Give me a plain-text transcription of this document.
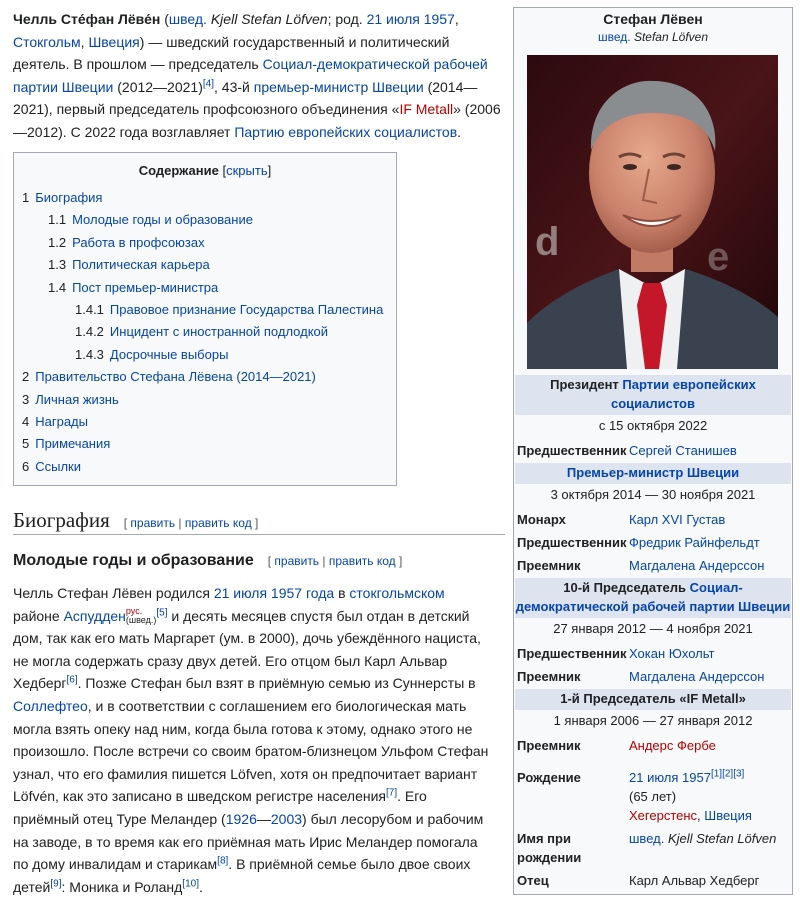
Челль Сте́фан Лёве́н (швед. Kjell Stefan Löfven; род. 21 июля 1957, Стокгольм, Швеция) — шведский государственный и политический деятель. В прошлом — председатель Социал-демократической рабочей партии Швеции (2012—2021)[4], 43-й премьер-министр Швеции (2014—2021), первый председатель профсоюзного объединения «IF Metall» (2006—2012). С 2022 года возглавляет Партию европейских социалистов.

Содержание [скрыть]
1 Биография
1.1 Молодые годы и образование
1.2 Работа в профсоюзах
1.3 Политическая карьера
1.4 Пост премьер-министра
1.4.1 Правовое признание Государства Палестина
1.4.2 Инцидент с иностранной подлодкой
1.4.3 Досрочные выборы
2 Правительство Стефана Лёвена (2014—2021)
3 Личная жизнь
4 Награды
5 Примечания
6 Ссылки
Биография [ править | править код ]
Молодые годы и образование [ править | править код ]

Челль Стефан Лёвен родился 21 июля 1957 года в стокгольмском районе Аспудденрус.
(швед.)[5] и десять месяцев спустя был отдан в детский дом, так как его мать Маргарет (ум. в 2000), дочь убеждённого нациста, не могла содержать сразу двух детей. Его отцом был Карл Альвар Хедберг[6]. Позже Стефан был взят в приёмную семью из Суннерсты в Соллефтео, и в соответствии с соглашением его биологическая мать могла взять опеку над ним, когда была готова к этому, однако этого не произошло. После встречи со своим братом-близнецом Ульфом Стефан узнал, что его фамилия пишется Löfven, хотя он предпочитает вариант Löfvén, как это записано в шведском регистре населения[7]. Его приёмный отец Туре Меландер (1926—2003) был лесорубом и рабочим на заводе, в то время как его приёмная мать Ирис Меландер помогала по дому инвалидам и старикам[8]. В приёмной семье было двое своих детей[9]: Моника и Роланд[10].

Стефан Лёвен
швед. Stefan Löfven
d	e
Президент Партии европейских социалистов
с 15 октября 2022
Предшественник Сергей Станишев
Премьер-министр Швеции
3 октября 2014 — 30 ноября 2021
Монарх	Карл XVI Густав
Предшественник Фредрик Райнфельдт
Преемник	Магдалена Андерссон
10-й Председатель Социал-демократической рабочей партии Швеции
27 января 2012 — 4 ноября 2021
Предшественник Хокан Юхольт
Преемник	Магдалена Андерссон
1-й Председатель «IF Metall»
1 января 2006 — 27 января 2012
Преемник	Андерс Фербе
Рождение	21 июля 1957[1][2][3]
(65 лет)
Хегерстенс, Швеция
Имя при рождении
швед. Kjell Stefan Löfven
Отец	Карл Альвар Хедберг
